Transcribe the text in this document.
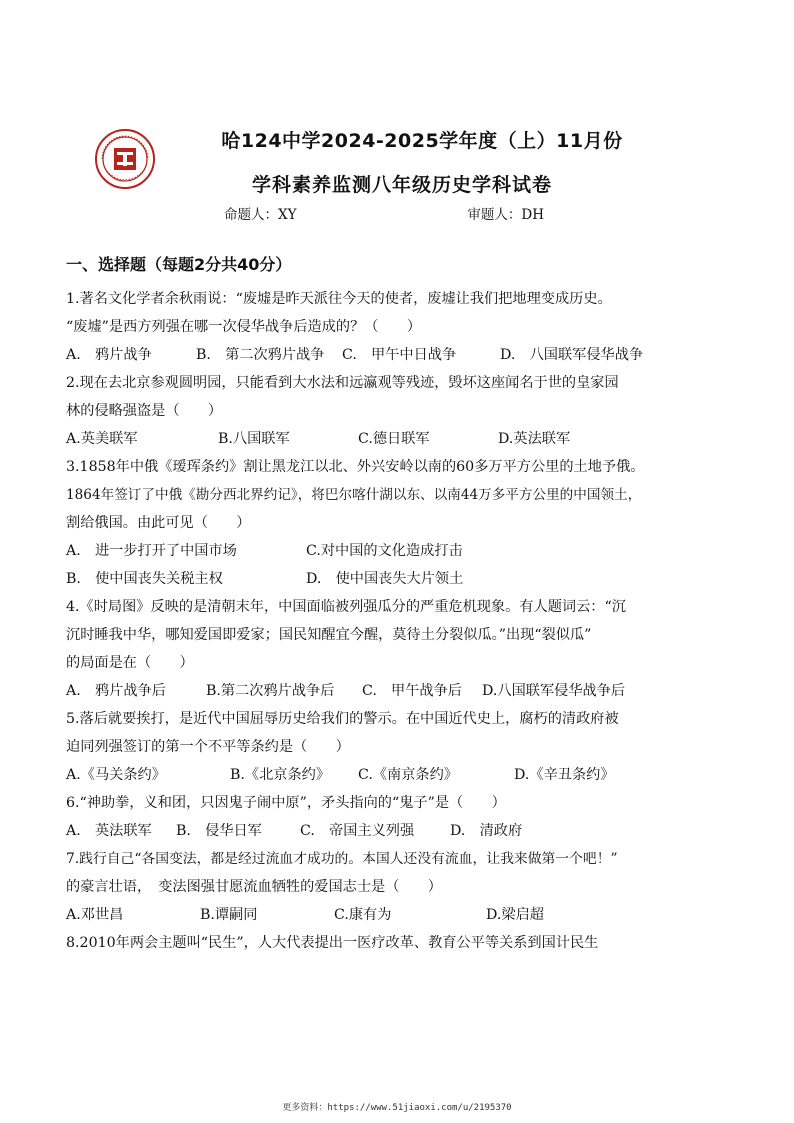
哈124中学2024-2025学年度（上）11月份
学科素养监测八年级历史学科试卷
命题人：XY	审题人：DH
一、选择题（每题2分共40分）

1.著名文化学者余秋雨说：“废墟是昨天派往今天的使者，废墟让我们把地理变成历史。

“废墟”是西方列强在哪一次侵华战争后造成的？（　　）

A.　鸦片战争	B.　第二次鸦片战争	C.　甲午中日战争	D.　八国联军侵华战争

2.现在去北京参观圆明园，只能看到大水法和远瀛观等残迹，毁坏这座闻名于世的皇家园

林的侵略强盗是（　　）

A.英美联军	B.八国联军	C.德日联军	D.英法联军

3.1858年中俄《瑷珲条约》割让黑龙江以北、外兴安岭以南的60多万平方公里的土地予俄。

1864年签订了中俄《勘分西北界约记》，将巴尔喀什湖以东、以南44万多平方公里的中国领土，

割给俄国。由此可见（　　）

A.　进一步打开了中国市场	C.对中国的文化造成打击
B.　使中国丧失关税主权	D.　使中国丧失大片领土

4.《时局图》反映的是清朝末年，中国面临被列强瓜分的严重危机现象。有人题词云：“沉

沉时睡我中华，哪知爱国即爱家；国民知醒宜今醒，莫待土分裂似瓜。”出现“裂似瓜”

的局面是在（　　）

A.　鸦片战争后	B.第二次鸦片战争后	C.　甲午战争后	D.八国联军侵华战争后

5.落后就要挨打，是近代中国屈辱历史给我们的警示。在中国近代史上，腐朽的清政府被

迫同列强签订的第一个不平等条约是（　　）

A.《马关条约》	B.《北京条约》	C.《南京条约》	D.《辛丑条约》

6.“神助拳，义和团，只因鬼子闹中原”，矛头指向的“鬼子”是（　　）

A.　英法联军	B.　侵华日军	C.　帝国主义列强	D.　清政府

7.践行自己“各国变法，都是经过流血才成功的。本国人还没有流血，让我来做第一个吧！”

的豪言壮语，　变法图强甘愿流血牺牲的爱国志士是（　　）

A.邓世昌	B.谭嗣同	C.康有为	D.梁启超

8.2010年两会主题叫“民生”，人大代表提出一医疗改革、教育公平等关系到国计民生

更多资料：https://www.51jiaoxi.com/u/2195370
